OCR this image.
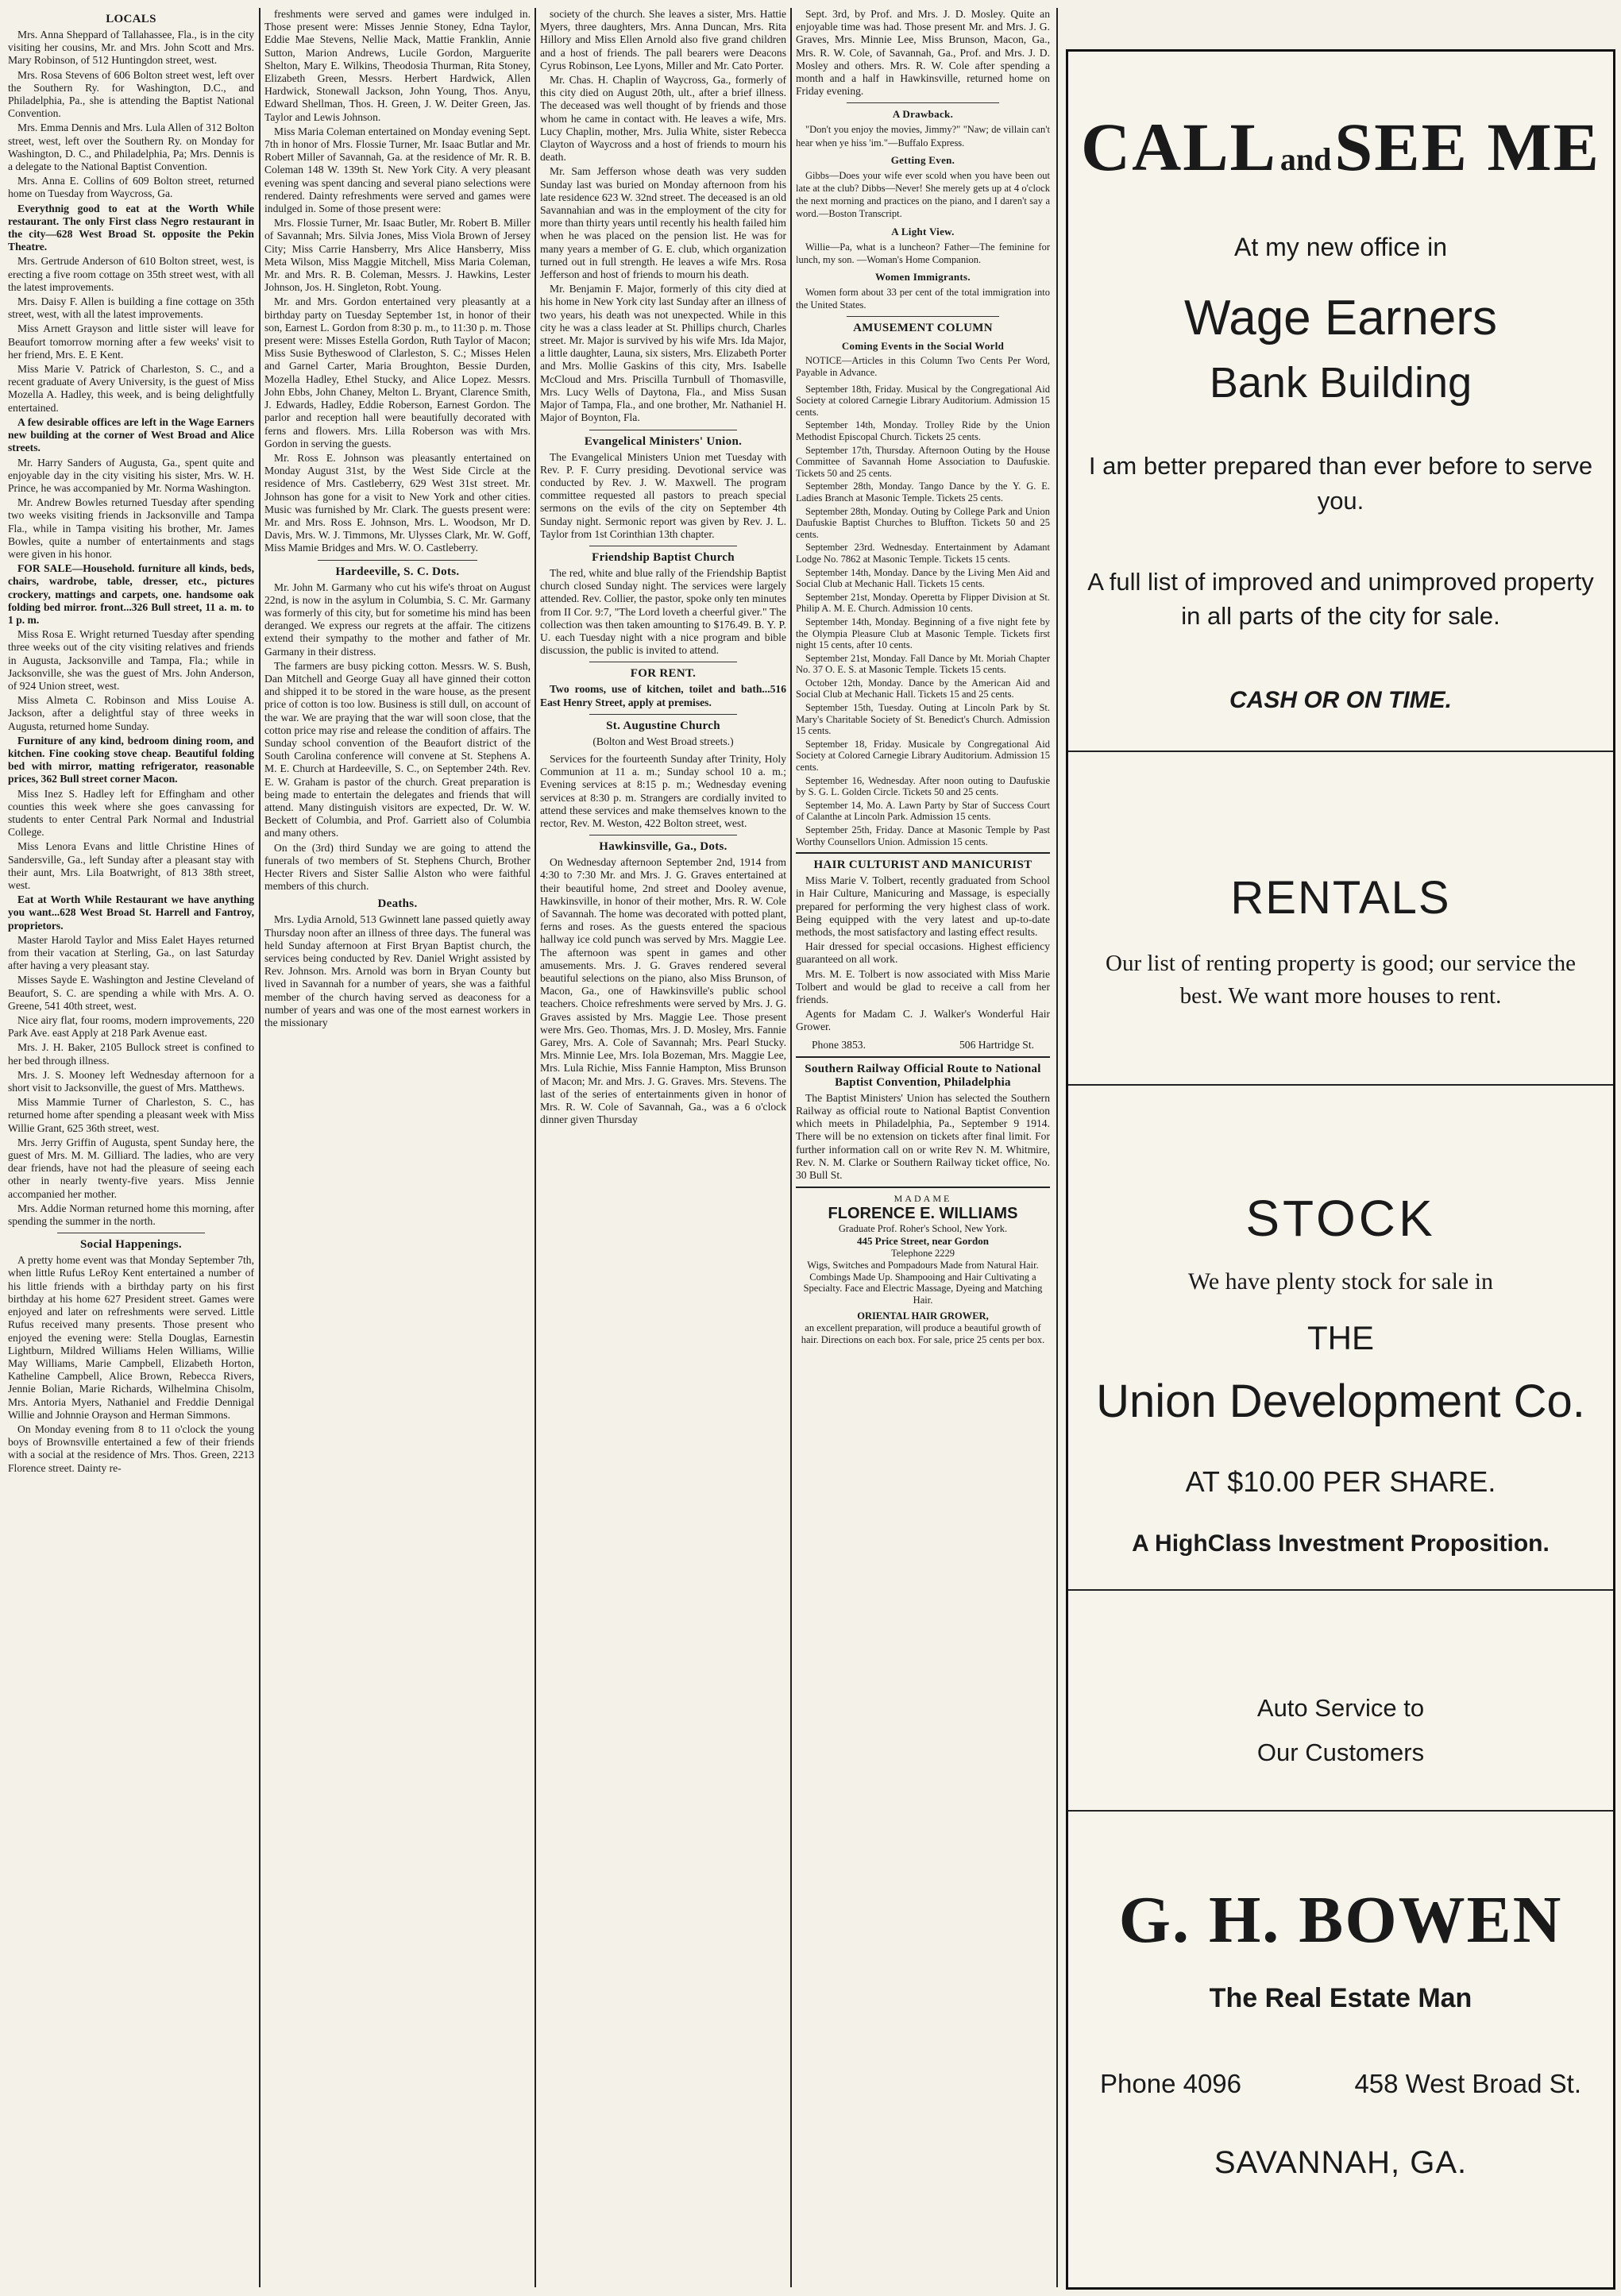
LOCALS

Mrs. Anna Sheppard of Tallahassee, Fla., is in the city visiting her cousins, Mr. and Mrs. John Scott and Mrs. Mary Robinson, of 512 Huntingdon street, west.

Mrs. Rosa Stevens of 606 Bolton street west, left over the Southern Ry. for Washington, D.C., and Philadelphia, Pa., she is attending the Baptist National Convention.

Mrs. Emma Dennis and Mrs. Lula Allen of 312 Bolton street, west, left over the Southern Ry. on Monday for Washington, D. C., and Philadelphia, Pa; Mrs. Dennis is a delegate to the National Baptist Convention.

Mrs. Anna E. Collins of 609 Bolton street, returned home on Tuesday from Waycross, Ga.

Everythnig good to eat at the Worth While restaurant. The only First class Negro restaurant in the city—628 West Broad St. opposite the Pekin Theatre.

Mrs. Gertrude Anderson of 610 Bolton street, west, is erecting a five room cottage on 35th street west, with all the latest improvements.

Mrs. Daisy F. Allen is building a fine cottage on 35th street, west, with all the latest improvements.

Miss Arnett Grayson and little sister will leave for Beaufort tomorrow morning after a few weeks' visit to her friend, Mrs. E. E Kent.

Miss Marie V. Patrick of Charleston, S. C., and a recent graduate of Avery University, is the guest of Miss Mozella A. Hadley, this week, and is being delightfully entertained.

A few desirable offices are left in the Wage Earners new building at the corner of West Broad and Alice streets.

Mr. Harry Sanders of Augusta, Ga., spent quite and enjoyable day in the city visiting his sister, Mrs. W. H. Prince, he was accompanied by Mr. Norma Washington.

Mr. Andrew Bowles returned Tuesday after spending two weeks visiting friends in Jacksonville and Tampa Fla., while in Tampa visiting his brother, Mr. James Bowles, quite a number of entertainments and stags were given in his honor.

FOR SALE—Household. furniture all kinds, beds, chairs, wardrobe, table, dresser, etc., pictures crockery, mattings and carpets, one. handsome oak folding bed mirror. front...326 Bull street, 11 a. m. to 1 p. m.

Miss Rosa E. Wright returned Tuesday after spending three weeks out of the city visiting relatives and friends in Augusta, Jacksonville and Tampa, Fla.; while in Jacksonville, she was the guest of Mrs. John Anderson, of 924 Union street, west.

Miss Almeta C. Robinson and Miss Louise A. Jackson, after a delightful stay of three weeks in Augusta, returned home Sunday.

Furniture of any kind, bedroom dining room, and kitchen. Fine cooking stove cheap. Beautiful folding bed with mirror, matting refrigerator, reasonable prices, 362 Bull street corner Macon.

Miss Inez S. Hadley left for Effingham and other counties this week where she goes canvassing for students to enter Central Park Normal and Industrial College.

Miss Lenora Evans and little Christine Hines of Sandersville, Ga., left Sunday after a pleasant stay with their aunt, Mrs. Lila Boatwright, of 813 38th street, west.

Eat at Worth While Restaurant we have anything you want...628 West Broad St. Harrell and Fantroy, proprietors.

Master Harold Taylor and Miss Ealet Hayes returned from their vacation at Sterling, Ga., on last Saturday after having a very pleasant stay.

Misses Sayde E. Washington and Jestine Cleveland of Beaufort, S. C. are spending a while with Mrs. A. O. Greene, 541 40th street, west.

Nice airy flat, four rooms, modern improvements, 220 Park Ave. east Apply at 218 Park Avenue east.

Mrs. J. H. Baker, 2105 Bullock street is confined to her bed through illness.

Mrs. J. S. Mooney left Wednesday afternoon for a short visit to Jacksonville, the guest of Mrs. Matthews.

Miss Mammie Turner of Charleston, S. C., has returned home after spending a pleasant week with Miss Willie Grant, 625 36th street, west.

Mrs. Jerry Griffin of Augusta, spent Sunday here, the guest of Mrs. M. M. Gilliard. The ladies, who are very dear friends, have not had the pleasure of seeing each other in nearly twenty-five years. Miss Jennie accompanied her mother.

Mrs. Addie Norman returned home this morning, after spending the summer in the north.

Social Happenings.

A pretty home event was that Monday September 7th, when little Rufus LeRoy Kent entertained a number of his little friends with a birthday party on his first birthday at his home 627 President street. Games were enjoyed and later on refreshments were served. Little Rufus received many presents. Those present who enjoyed the evening were: Stella Douglas, Earnestin Lightburn, Mildred Williams Helen Williams, Willie May Williams, Marie Campbell, Elizabeth Horton, Katheline Campbell, Alice Brown, Rebecca Rivers, Jennie Bolian, Marie Richards, Wilhelmina Chisolm, Mrs. Antoria Myers, Nathaniel and Freddie Dennigal Willie and Johnnie Orayson and Herman Simmons.

On Monday evening from 8 to 11 o'clock the young boys of Brownsville entertained a few of their friends with a social at the residence of Mrs. Thos. Green, 2213 Florence street. Dainty re-

freshments were served and games were indulged in. Those present were: Misses Jennie Stoney, Edna Taylor, Eddie Mae Stevens, Nellie Mack, Mattie Franklin, Annie Sutton, Marion Andrews, Lucile Gordon, Marguerite Shelton, Mary E. Wilkins, Theodosia Thurman, Rita Stoney, Elizabeth Green, Messrs. Herbert Hardwick, Allen Hardwick, Stonewall Jackson, John Young, Thos. Anyu, Edward Shellman, Thos. H. Green, J. W. Deiter Green, Jas. Taylor and Lewis Johnson.

Miss Maria Coleman entertained on Monday evening Sept. 7th in honor of Mrs. Flossie Turner, Mr. Isaac Butlar and Mr. Robert Miller of Savannah, Ga. at the residence of Mr. R. B. Coleman 148 W. 139th St. New York City. A very pleasant evening was spent dancing and several piano selections were rendered. Dainty refreshments were served and games were indulged in. Some of those present were:

Mrs. Flossie Turner, Mr. Isaac Butler, Mr. Robert B. Miller of Savannah; Mrs. Silvia Jones, Miss Viola Brown of Jersey City; Miss Carrie Hansberry, Mrs Alice Hansberry, Miss Meta Wilson, Miss Maggie Mitchell, Miss Maria Coleman, Mr. and Mrs. R. B. Coleman, Messrs. J. Hawkins, Lester Johnson, Jos. H. Singleton, Robt. Young.

Mr. and Mrs. Gordon entertained very pleasantly at a birthday party on Tuesday September 1st, in honor of their son, Earnest L. Gordon from 8:30 p. m., to 11:30 p. m. Those present were: Misses Estella Gordon, Ruth Taylor of Macon; Miss Susie Bytheswood of Clarleston, S. C.; Misses Helen and Garnel Carter, Maria Broughton, Bessie Durden, Mozella Hadley, Ethel Stucky, and Alice Lopez. Messrs. John Ebbs, John Chaney, Melton L. Bryant, Clarence Smith, J. Edwards, Hadley, Eddie Roberson, Earnest Gordon. The parlor and reception hall were beautifully decorated with ferns and flowers. Mrs. Lilla Roberson was with Mrs. Gordon in serving the guests.

Mr. Ross E. Johnson was pleasantly entertained on Monday August 31st, by the West Side Circle at the residence of Mrs. Castleberry, 629 West 31st street. Mr. Johnson has gone for a visit to New York and other cities. Music was furnished by Mr. Clark. The guests present were: Mr. and Mrs. Ross E. Johnson, Mrs. L. Woodson, Mr D. Davis, Mrs. W. J. Timmons, Mr. Ulysses Clark, Mr. W. Goff, Miss Mamie Bridges and Mrs. W. O. Castleberry.

Hardeeville, S. C. Dots.

Mr. John M. Garmany who cut his wife's throat on August 22nd, is now in the asylum in Columbia, S. C. Mr. Garmany was formerly of this city, but for sometime his mind has been deranged. We express our regrets at the affair. The citizens extend their sympathy to the mother and father of Mr. Garmany in their distress.

The farmers are busy picking cotton. Messrs. W. S. Bush, Dan Mitchell and George Guay all have ginned their cotton and shipped it to be stored in the ware house, as the present price of cotton is too low. Business is still dull, on account of the war. We are praying that the war will soon close, that the cotton price may rise and release the condition of affairs. The Sunday school convention of the Beaufort district of the South Carolina conference will convene at St. Stephens A. M. E. Church at Hardeeville, S. C., on September 24th. Rev. E. W. Graham is pastor of the church. Great preparation is being made to entertain the delegates and friends that will attend. Many distinguish visitors are expected, Dr. W. W. Beckett of Columbia, and Prof. Garriett also of Columbia and many others.

On the (3rd) third Sunday we are going to attend the funerals of two members of St. Stephens Church, Brother Hecter Rivers and Sister Sallie Alston who were faithful members of this church.

Deaths.

Mrs. Lydia Arnold, 513 Gwinnett lane passed quietly away Thursday noon after an illness of three days. The funeral was held Sunday afternoon at First Bryan Baptist church, the services being conducted by Rev. Daniel Wright assisted by Rev. Johnson. Mrs. Arnold was born in Bryan County but lived in Savannah for a number of years, she was a faithful member of the church having served as deaconess for a number of years and was one of the most earnest workers in the missionary

society of the church. She leaves a sister, Mrs. Hattie Myers, three daughters, Mrs. Anna Duncan, Mrs. Rita Hillory and Miss Ellen Arnold also five grand children and a host of friends. The pall bearers were Deacons Cyrus Robinson, Lee Lyons, Miller and Mr. Cato Porter.

Mr. Chas. H. Chaplin of Waycross, Ga., formerly of this city died on August 20th, ult., after a brief illness. The deceased was well thought of by friends and those whom he came in contact with. He leaves a wife, Mrs. Lucy Chaplin, mother, Mrs. Julia White, sister Rebecca Clayton of Waycross and a host of friends to mourn his death.

Mr. Sam Jefferson whose death was very sudden Sunday last was buried on Monday afternoon from his late residence 623 W. 32nd street. The deceased is an old Savannahian and was in the employment of the city for more than thirty years until recently his health failed him when he was placed on the pension list. He was for many years a member of G. E. club, which organization turned out in full strength. He leaves a wife Mrs. Rosa Jefferson and host of friends to mourn his death.

Mr. Benjamin F. Major, formerly of this city died at his home in New York city last Sunday after an illness of two years, his death was not unexpected. While in this city he was a class leader at St. Phillips church, Charles street. Mr. Major is survived by his wife Mrs. Ida Major, a little daughter, Launa, six sisters, Mrs. Elizabeth Porter and Mrs. Mollie Gaskins of this city, Mrs. Isabelle McCloud and Mrs. Priscilla Turnbull of Thomasville, Mrs. Lucy Wells of Daytona, Fla., and Miss Susan Major of Tampa, Fla., and one brother, Mr. Nathaniel H. Major of Boynton, Fla.

Evangelical Ministers' Union.

The Evangelical Ministers Union met Tuesday with Rev. P. F. Curry presiding. Devotional service was conducted by Rev. J. W. Maxwell. The program committee requested all pastors to preach special sermons on the evils of the city on September 4th Sunday night. Sermonic report was given by Rev. J. L. Taylor from 1st Corinthian 13th chapter.

Friendship Baptist Church

The red, white and blue rally of the Friendship Baptist church closed Sunday night. The services were largely attended. Rev. Collier, the pastor, spoke only ten minutes from II Cor. 9:7, "The Lord loveth a cheerful giver." The collection was then taken amounting to $176.49. B. Y. P. U. each Tuesday night with a nice program and bible discussion, the public is invited to attend.

FOR RENT.

Two rooms, use of kitchen, toilet and bath...516 East Henry Street, apply at premises.

St. Augustine Church
(Bolton and West Broad streets.)

Services for the fourteenth Sunday after Trinity, Holy Communion at 11 a. m.; Sunday school 10 a. m.; Evening services at 8:15 p. m.; Wednesday evening services at 8:30 p. m. Strangers are cordially invited to attend these services and make themselves known to the rector, Rev. M. Weston, 422 Bolton street, west.

Hawkinsville, Ga., Dots.

On Wednesday afternoon September 2nd, 1914 from 4:30 to 7:30 Mr. and Mrs. J. G. Graves entertained at their beautiful home, 2nd street and Dooley avenue, Hawkinsville, in honor of their mother, Mrs. R. W. Cole of Savannah. The home was decorated with potted plant, ferns and roses. As the guests entered the spacious hallway ice cold punch was served by Mrs. Maggie Lee. The afternoon was spent in games and other amusements. Mrs. J. G. Graves rendered several beautiful selections on the piano, also Miss Brunson, of Macon, Ga., one of Hawkinsville's public school teachers. Choice refreshments were served by Mrs. J. G. Graves assisted by Mrs. Maggie Lee. Those present were Mrs. Geo. Thomas, Mrs. J. D. Mosley, Mrs. Fannie Garey, Mrs. A. Cole of Savannah; Mrs. Pearl Stucky. Mrs. Minnie Lee, Mrs. Iola Bozeman, Mrs. Maggie Lee, Mrs. Lula Richie, Miss Fannie Hampton, Miss Brunson of Macon; Mr. and Mrs. J. G. Graves. Mrs. Stevens. The last of the series of entertainments given in honor of Mrs. R. W. Cole of Savannah, Ga., was a 6 o'clock dinner given Thursday

Sept. 3rd, by Prof. and Mrs. J. D. Mosley. Quite an enjoyable time was had. Those present Mr. and Mrs. J. G. Graves, Mrs. Minnie Lee, Miss Brunson, Macon, Ga., Mrs. R. W. Cole, of Savannah, Ga., Prof. and Mrs. J. D. Mosley and others. Mrs. R. W. Cole after spending a month and a half in Hawkinsville, returned home on Friday evening.

A Drawback.

"Don't you enjoy the movies, Jimmy?" "Naw; de villain can't hear when ye hiss 'im."—Buffalo Express.

Getting Even.

Gibbs—Does your wife ever scold when you have been out late at the club? Dibbs—Never! She merely gets up at 4 o'clock the next morning and practices on the piano, and I daren't say a word.—Boston Transcript.

A Light View.

Willie—Pa, what is a luncheon? Father—The feminine for lunch, my son. —Woman's Home Companion.

Women Immigrants.

Women form about 33 per cent of the total immigration into the United States.

AMUSEMENT COLUMN
Coming Events in the Social World

NOTICE—Articles in this Column Two Cents Per Word, Payable in Advance.

September 18th, Friday. Musical by the Congregational Aid Society at colored Carnegie Library Auditorium. Admission 15 cents.

September 14th, Monday. Trolley Ride by the Union Methodist Episcopal Church. Tickets 25 cents.

September 17th, Thursday. Afternoon Outing by the House Committee of Savannah Home Association to Daufuskie. Tickets 50 and 25 cents.

September 28th, Monday. Tango Dance by the Y. G. E. Ladies Branch at Masonic Temple. Tickets 25 cents.

September 28th, Monday. Outing by College Park and Union Daufuskie Baptist Churches to Bluffton. Tickets 50 and 25 cents.

September 23rd. Wednesday. Entertainment by Adamant Lodge No. 7862 at Masonic Temple. Tickets 15 cents.

September 14th, Monday. Dance by the Living Men Aid and Social Club at Mechanic Hall. Tickets 15 cents.

September 21st, Monday. Operetta by Flipper Division at St. Philip A. M. E. Church. Admission 10 cents.

September 14th, Monday. Beginning of a five night fete by the Olympia Pleasure Club at Masonic Temple. Tickets first night 15 cents, after 10 cents.

September 21st, Monday. Fall Dance by Mt. Moriah Chapter No. 37 O. E. S. at Masonic Temple. Tickets 15 cents.

October 12th, Monday. Dance by the American Aid and Social Club at Mechanic Hall. Tickets 15 and 25 cents.

September 15th, Tuesday. Outing at Lincoln Park by St. Mary's Charitable Society of St. Benedict's Church. Admission 15 cents.

September 18, Friday. Musicale by Congregational Aid Society at Colored Carnegie Library Auditorium. Admission 15 cents.

September 16, Wednesday. After noon outing to Daufuskie by S. G. L. Golden Circle. Tickets 50 and 25 cents.

September 14, Mo. A. Lawn Party by Star of Success Court of Calanthe at Lincoln Park. Admission 15 cents.

September 25th, Friday. Dance at Masonic Temple by Past Worthy Counsellors Union. Admission 15 cents.

HAIR CULTURIST AND MANICURIST

Miss Marie V. Tolbert, recently graduated from School in Hair Culture, Manicuring and Massage, is especially prepared for performing the very highest class of work. Being equipped with the very latest and up-to-date methods, the most satisfactory and lasting effect results.

Hair dressed for special occasions. Highest efficiency guaranteed on all work.

Mrs. M. E. Tolbert is now associated with Miss Marie Tolbert and would be glad to receive a call from her friends.

Agents for Madam C. J. Walker's Wonderful Hair Grower.

Phone 3853.	506 Hartridge St.
Southern Railway Official Route to National Baptist Convention, Philadelphia

The Baptist Ministers' Union has selected the Southern Railway as official route to National Baptist Convention which meets in Philadelphia, Pa., September 9 1914. There will be no extension on tickets after final limit. For further information call on or write Rev N. M. Whitmire, Rev. N. M. Clarke or Southern Railway ticket office, No. 30 Bull St.

MADAME
FLORENCE E. WILLIAMS
Graduate Prof. Roher's School, New York.
445 Price Street, near Gordon
Telephone 2229
Wigs, Switches and Pompadours Made from Natural Hair. Combings Made Up. Shampooing and Hair Cultivating a Specialty. Face and Electric Massage, Dyeing and Matching Hair.
ORIENTAL HAIR GROWER,
an excellent preparation, will produce a beautiful growth of hair. Directions on each box. For sale, price 25 cents per box.
CALL and SEE ME
At my new office in
Wage Earners
Bank Building
I am better prepared than ever before to serve you.
A full list of improved and unimproved property in all parts of the city for sale.
CASH OR ON TIME.
RENTALS
Our list of renting property is good; our service the best. We want more houses to rent.
STOCK
We have plenty stock for sale in
THE
Union Development Co.
AT $10.00 PER SHARE.
A HighClass Investment Proposition.
Auto Service to
Our Customers
G. H. BOWEN
The Real Estate Man
Phone 4096	458 West Broad St.
SAVANNAH, GA.
